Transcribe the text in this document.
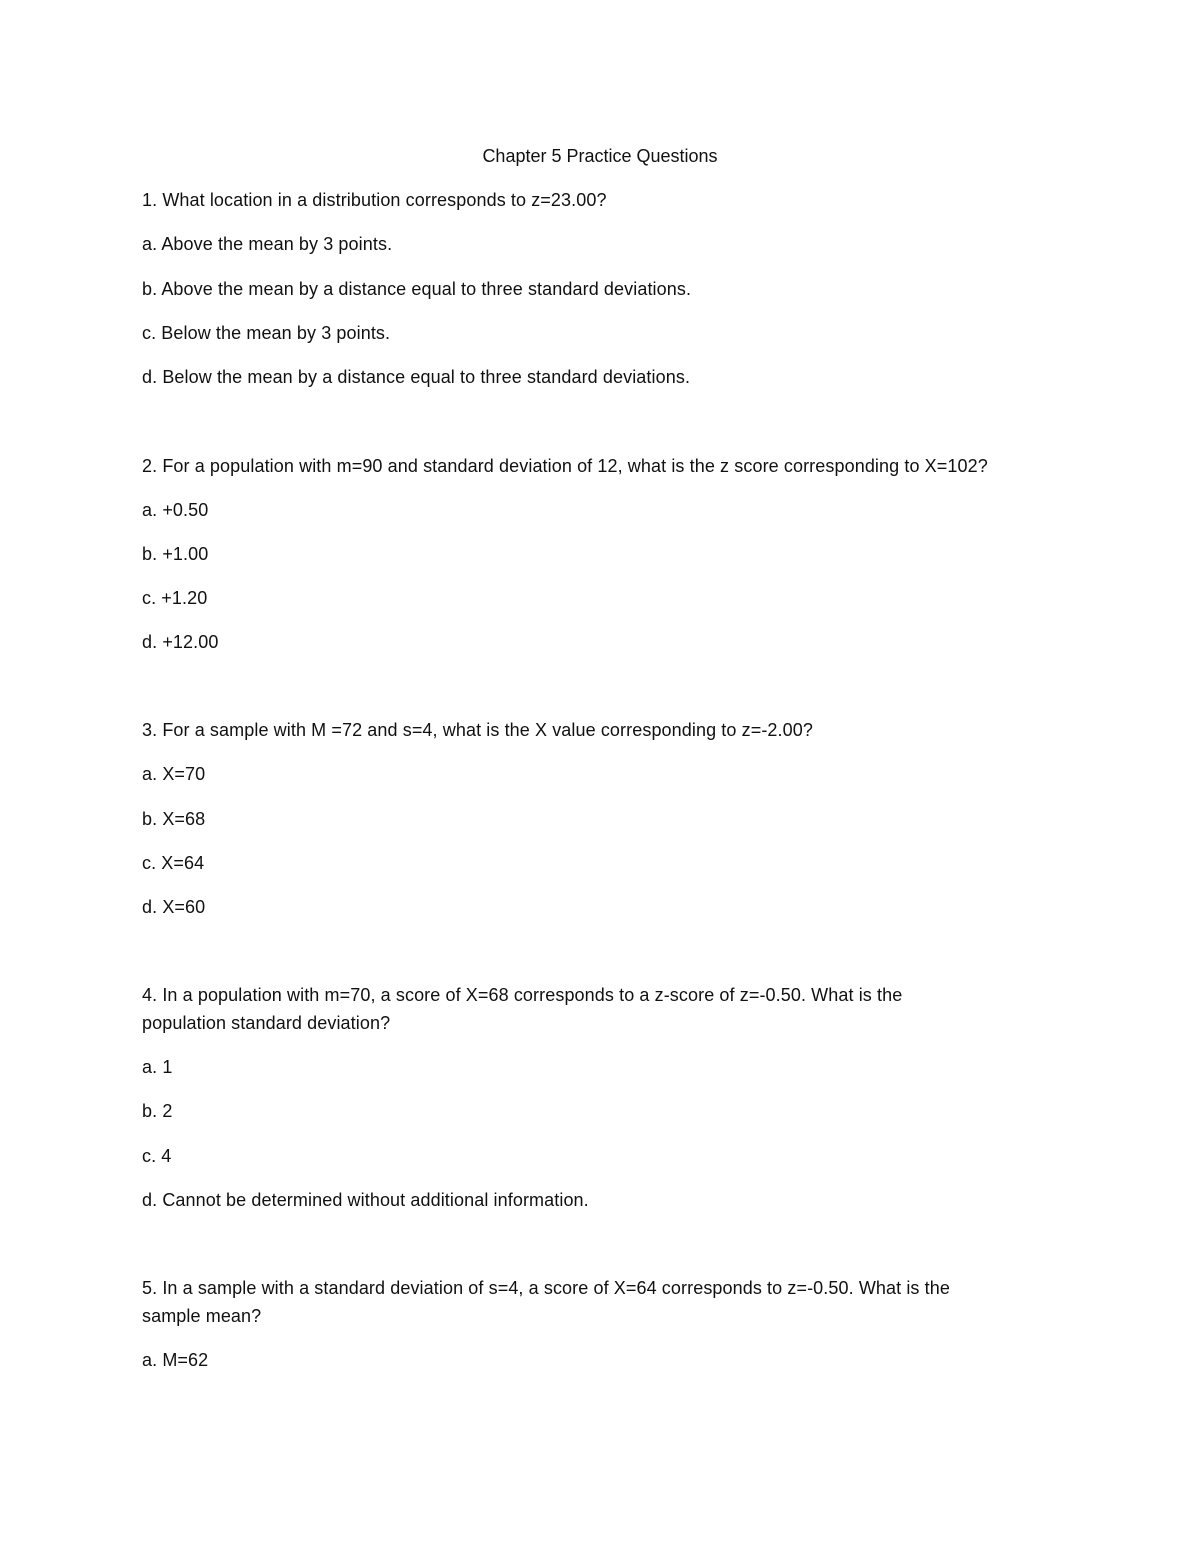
Chapter 5 Practice Questions
1. What location in a distribution corresponds to z=23.00?
a. Above the mean by 3 points.
b. Above the mean by a distance equal to three standard deviations.
c. Below the mean by 3 points.
d. Below the mean by a distance equal to three standard deviations.
2. For a population with m=90 and standard deviation of 12, what is the z score corresponding to X=102?
a. +0.50
b. +1.00
c. +1.20
d. +12.00
3. For a sample with M =72 and s=4, what is the X value corresponding to z=-2.00?
a. X=70
b. X=68
c. X=64
d. X=60
4. In a population with m=70, a score of X=68 corresponds to a z-score of z=-0.50. What is the
population standard deviation?
a. 1
b. 2
c. 4
d. Cannot be determined without additional information.
5. In a sample with a standard deviation of s=4, a score of X=64 corresponds to z=-0.50. What is the
sample mean?
a. M=62
